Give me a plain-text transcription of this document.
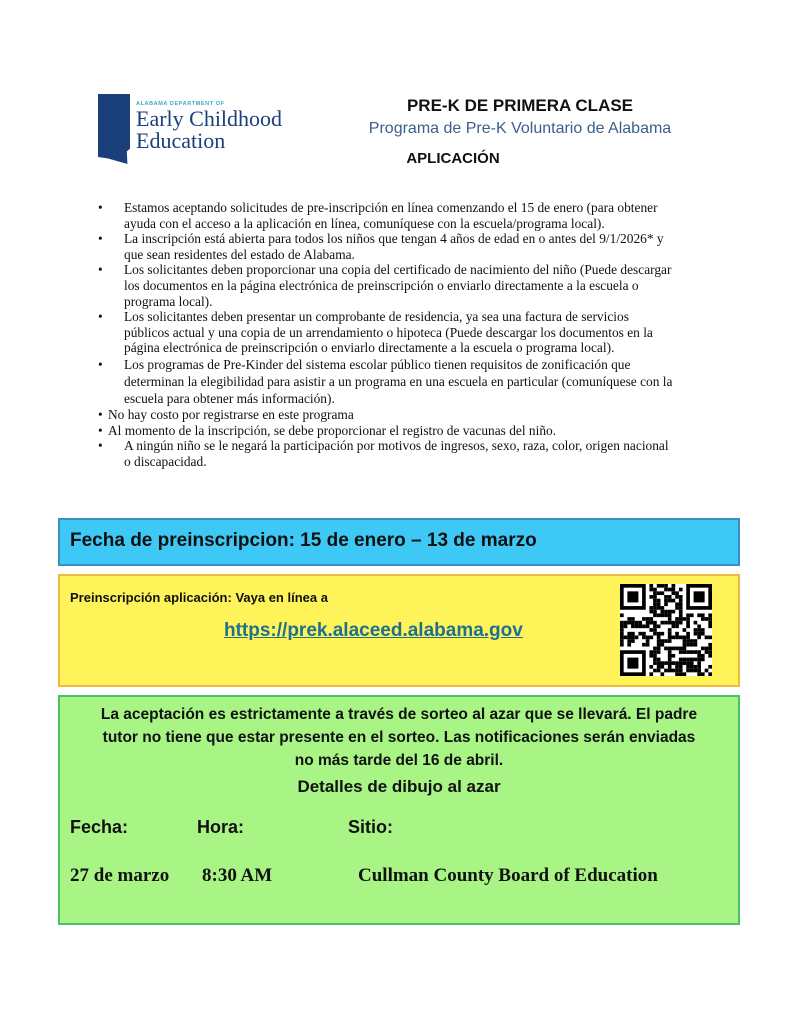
ALABAMA DEPARTMENT OF
Early Childhood
Education
PRE-K DE PRIMERA CLASE
Programa de Pre-K Voluntario de Alabama
APLICACIÓN
• Estamos aceptando solicitudes de pre-inscripción en línea comenzando el 15 de enero (para obtener ayuda con el acceso a la aplicación en línea, comuníquese con la escuela/programa local).
• La inscripción está abierta para todos los niños que tengan 4 años de edad en o antes del 9/1/2026* y que sean residentes del estado de Alabama.
• Los solicitantes deben proporcionar una copia del certificado de nacimiento del niño (Puede descargar los documentos en la página electrónica de preinscripción o enviarlo directamente a la escuela o programa local).
• Los solicitantes deben presentar un comprobante de residencia, ya sea una factura de servicios públicos actual y una copia de un arrendamiento o hipoteca (Puede descargar los documentos en la página electrónica de preinscripción o enviarlo directamente a la escuela o programa local).
• Los programas de Pre-Kinder del sistema escolar público tienen requisitos de zonificación que determinan la elegibilidad para asistir a un programa en una escuela en particular (comuníquese con la escuela para obtener más información).
• No hay costo por registrarse en este programa
• Al momento de la inscripción, se debe proporcionar el registro de vacunas del niño.
• A ningún niño se le negará la participación por motivos de ingresos, sexo, raza, color, origen nacional o discapacidad.
Fecha de preinscripcion: 15 de enero – 13 de marzo
Preinscripción aplicación: Vaya en línea a
https://prek.alaceed.alabama.gov
La aceptación es estrictamente a través de sorteo al azar que se llevará. El padre tutor no tiene que estar presente en el sorteo. Las notificaciones serán enviadas no más tarde del 16 de abril.
Detalles de dibujo al azar
Fecha:	Hora:	Sitio:
27 de marzo 8:30 AM	Cullman County Board of Education
